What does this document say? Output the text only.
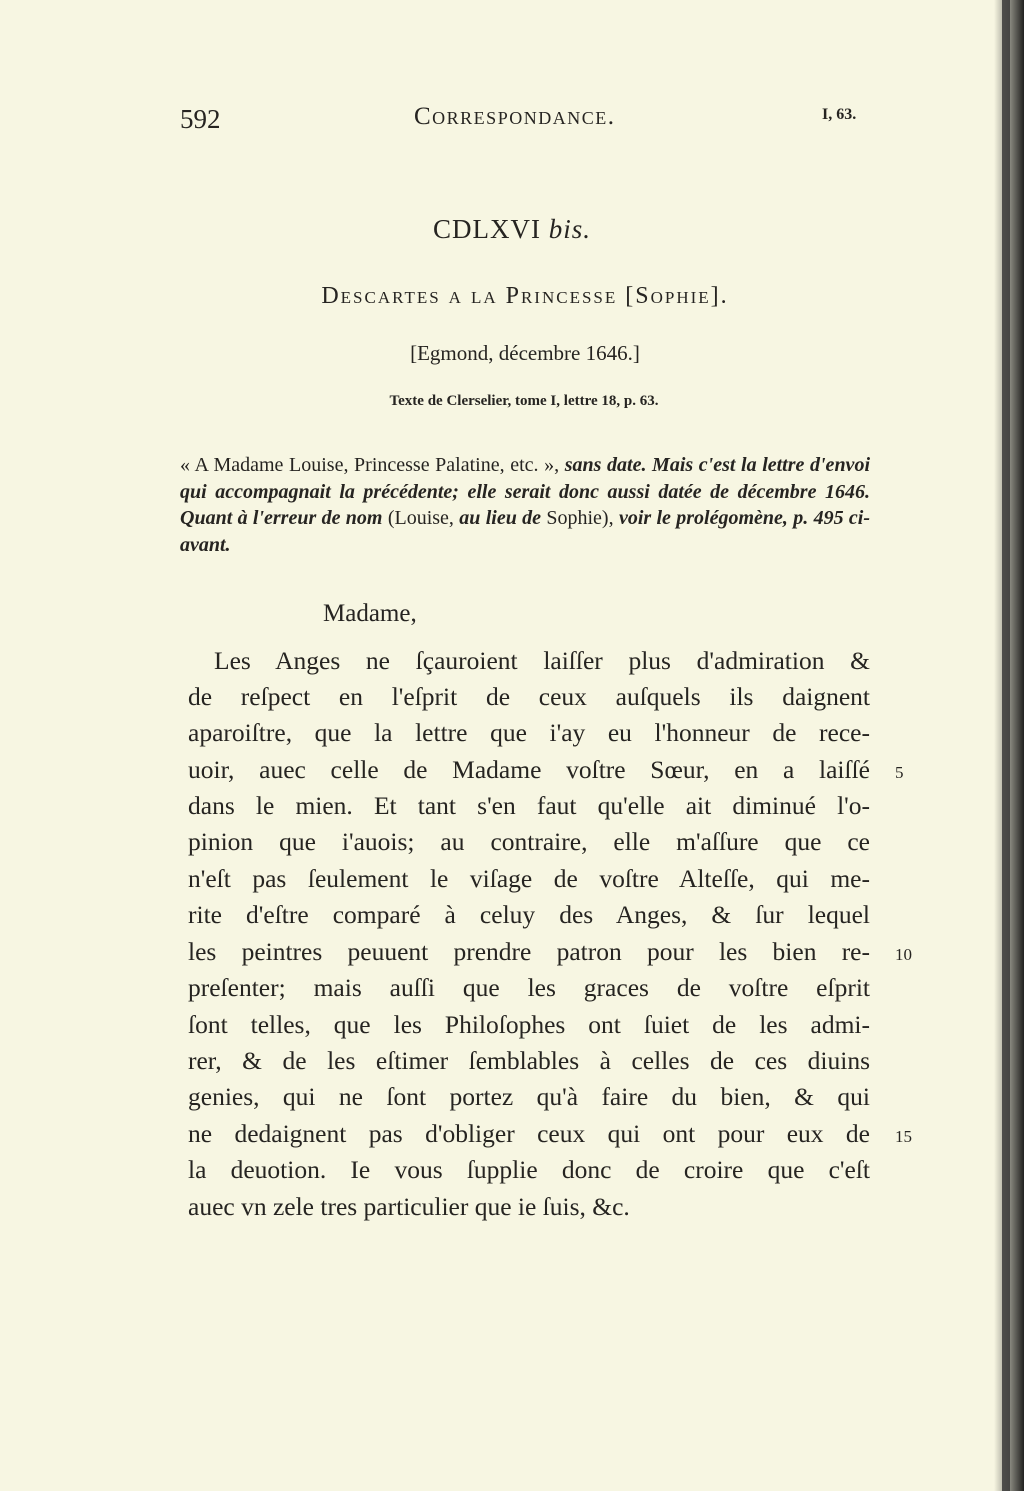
592	Correspondance.	I, 63.
CDLXVI bis.
Descartes a la Princesse [Sophie].
[Egmond, décembre 1646.]
Texte de Clerselier, tome I, lettre 18, p. 63.

« A Madame Louise, Princesse Palatine, etc. », sans date. Mais c'est la lettre d'envoi qui accompagnait la précédente; elle serait donc aussi datée de décembre 1646. Quant à l'erreur de nom (Louise, au lieu de Sophie), voir le prolégomène, p. 495 ci-avant.

Madame,
Les Anges ne ſçauroient laiſſer plus d'admiration &
de reſpect en l'eſprit de ceux auſquels ils daignent
aparoiſtre, que la lettre que i'ay eu l'honneur de rece-
uoir, auec celle de Madame voſtre Sœur, en a laiſſé
dans le mien. Et tant s'en faut qu'elle ait diminué l'o-
pinion que i'auois; au contraire, elle m'aſſure que ce
n'eſt pas ſeulement le viſage de voſtre Alteſſe, qui me-
rite d'eſtre comparé à celuy des Anges, & ſur lequel
les peintres peuuent prendre patron pour les bien re-
preſenter; mais auſſi que les graces de voſtre eſprit
ſont telles, que les Philoſophes ont ſuiet de les admi-
rer, & de les eſtimer ſemblables à celles de ces diuins
genies, qui ne ſont portez qu'à faire du bien, & qui
ne dedaignent pas d'obliger ceux qui ont pour eux de
la deuotion. Ie vous ſupplie donc de croire que c'eſt
auec vn zele tres particulier que ie ſuis, &c.
5
10
15
